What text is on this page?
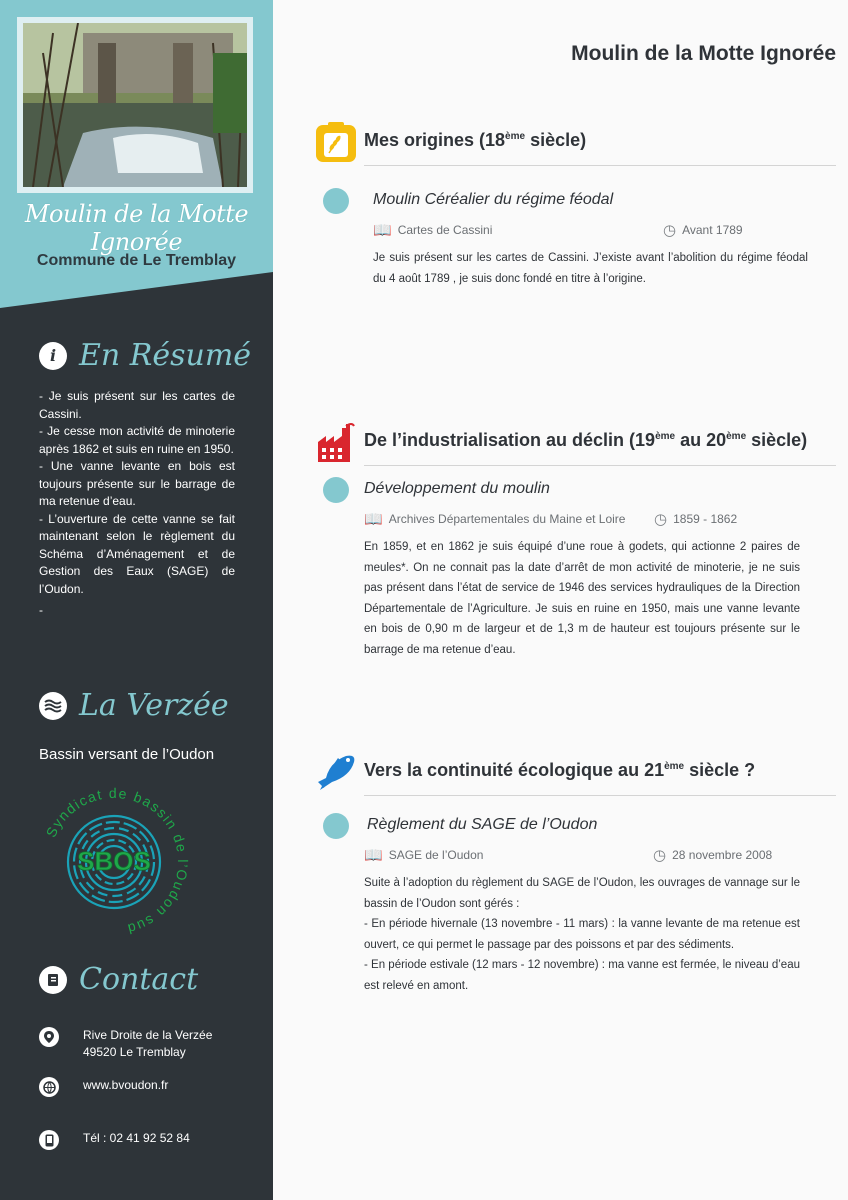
Moulin de la Motte Ignorée
Commune de Le Tremblay
i En Résumé

- Je suis présent sur les cartes de Cassini.

- Je cesse mon activité de minoterie après 1862 et suis en ruine en 1950.

- Une vanne levante en bois est toujours présente sur le barrage de ma retenue d’eau.

- L’ouverture de cette vanne se fait maintenant selon le règlement du Schéma d’Aménagement et de Gestion des Eaux (SAGE) de l’Oudon.

-

La Verzée
Bassin versant de l’Oudon
Syndicat de bassin de l’Oudon sud
SBOS
Contact
Rive Droite de la Verzée
49520 Le Tremblay
www.bvoudon.fr
Tél : 02 41 92 52 84
Moulin de la Motte Ignorée
Mes origines (18ème siècle)
Moulin Céréalier du régime féodal
📖 Cartes de Cassini	◷ Avant 1789
Je suis présent sur les cartes de Cassini. J’existe avant l’abolition du régime féodal du 4 août 1789 , je suis donc fondé en titre à l’origine.
De l’industrialisation au déclin (19ème au 20ème siècle)
Développement du moulin
📖 Archives Départementales du Maine et Loire ◷ 1859 - 1862
En 1859, et en 1862 je suis équipé d’une roue à godets, qui actionne 2 paires de meules*. On ne connait pas la date d’arrêt de mon activité de minoterie, je ne suis pas présent dans l’état de service de 1946 des services hydrauliques de la Direction Départementale de l’Agriculture. Je suis en ruine en 1950, mais une vanne levante en bois de 0,90 m de largeur et de 1,3 m de hauteur est toujours présente sur le barrage de ma retenue d’eau.
Vers la continuité écologique au 21ème siècle ?
Règlement du SAGE de l’Oudon
📖 SAGE de l’Oudon	◷ 28 novembre 2008
Suite à l’adoption du règlement du SAGE de l’Oudon, les ouvrages de vannage sur le bassin de l’Oudon sont gérés :
- En période hivernale (13 novembre - 11 mars) : la vanne levante de ma retenue est ouvert, ce qui permet le passage par des poissons et par des sédiments.
- En période estivale (12 mars - 12 novembre) : ma vanne est fermée, le niveau d’eau est relevé en amont.
